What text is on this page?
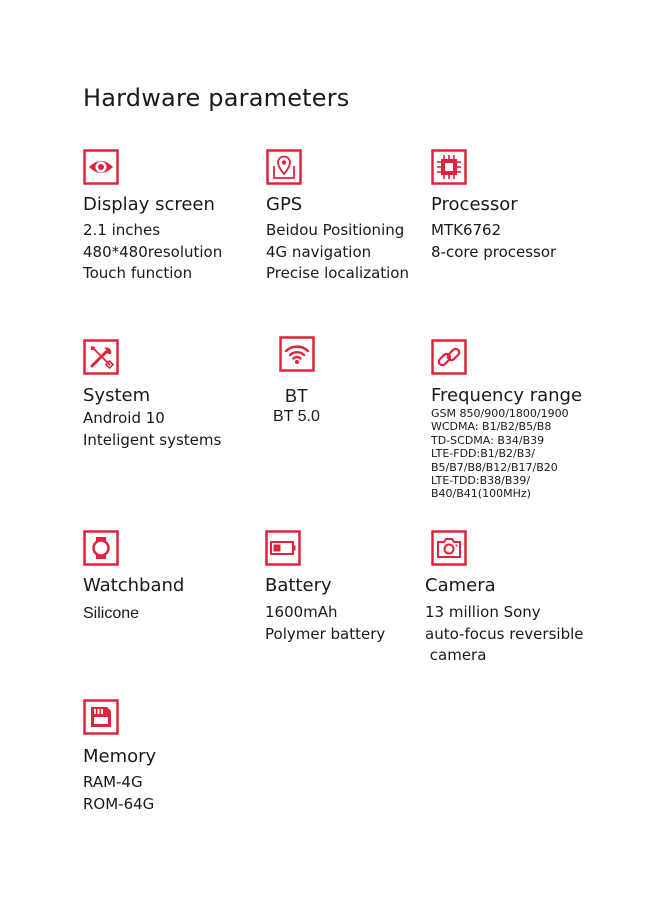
Hardware parameters
Display screen
2.1 inches
480*480resolution
Touch function
GPS
Beidou Positioning
4G navigation
Precise localization
Processor
MTK6762
8-core processor
System
Android 10
Inteligent systems
BT
BT 5.0
Frequency range
GSM 850/900/1800/1900
WCDMA: B1/B2/B5/B8
TD-SCDMA: B34/B39
LTE-FDD:B1/B2/B3/
B5/B7/B8/B12/B17/B20
LTE-TDD:B38/B39/
B40/B41(100MHz)
Watchband
Silicone
Battery
1600mAh
Polymer battery
Camera
13 million Sony
auto-focus reversible
camera
Memory
RAM-4G
ROM-64G
